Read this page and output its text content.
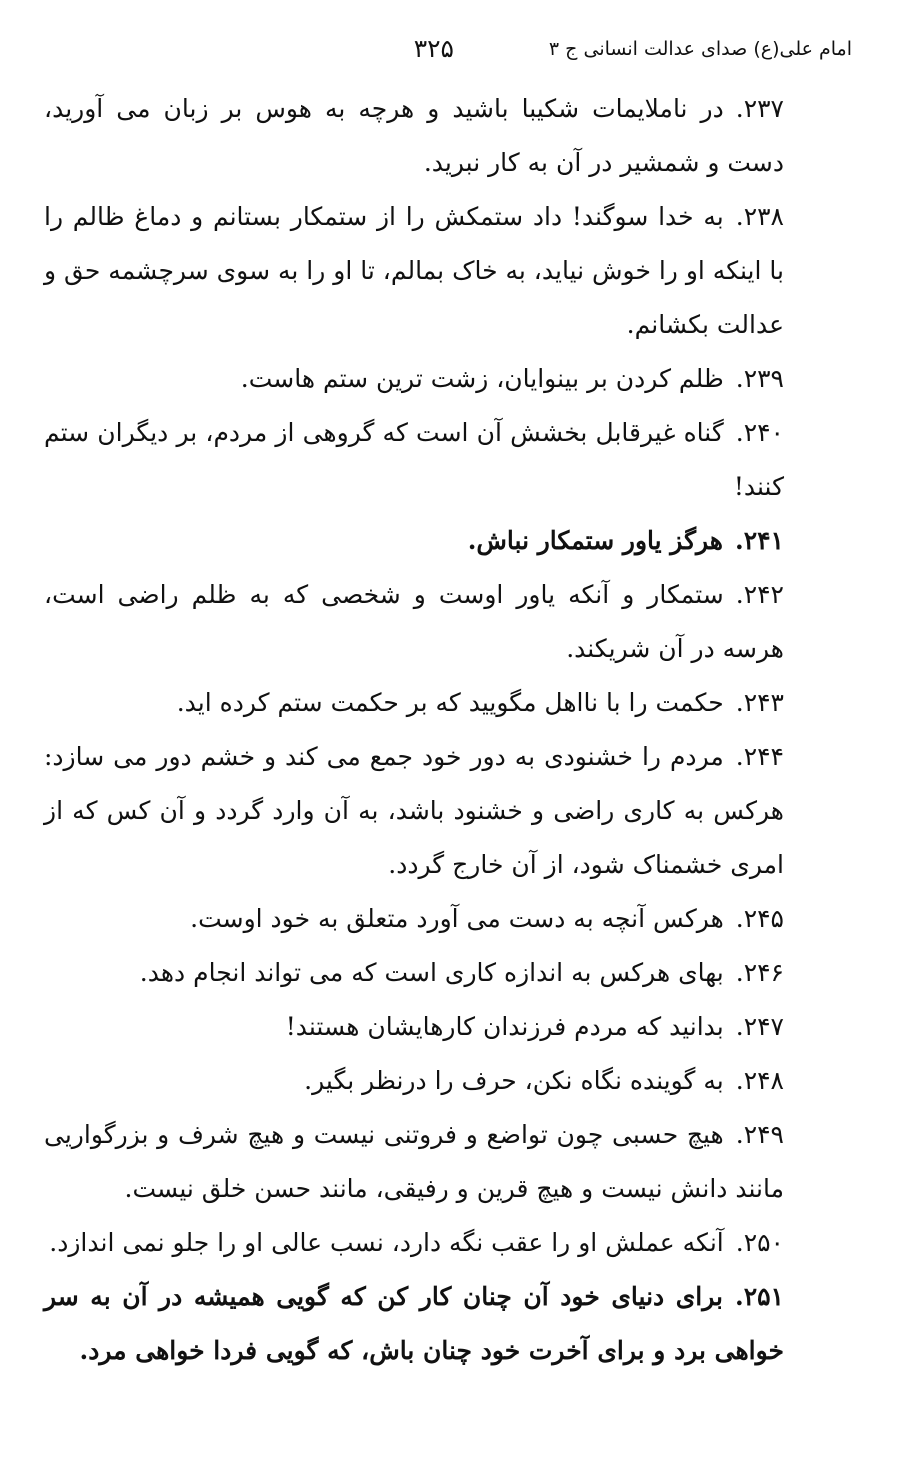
امام علی(ع) صدای عدالت انسانی ج ۳
۳۲۵

۲۳۷.در ناملایمات شکیبا باشید و هرچه به هوس بر زبان می آورید، دست و شمشیر در آن به کار نبرید.

۲۳۸.به خدا سوگند! داد ستمکش را از ستمکار بستانم و دماغ ظالم را با اینکه او را خوش نیاید، به خاک بمالم، تا او را به سوی سرچشمه حق و عدالت بکشانم.

۲۳۹.ظلم کردن بر بینوایان، زشت ترین ستم هاست.

۲۴۰.گناه غیرقابل بخشش آن است که گروهی از مردم، بر دیگران ستم کنند!

۲۴۱.هرگز یاور ستمکار نباش.

۲۴۲.ستمکار و آنکه یاور اوست و شخصی که به ظلم راضی است، هرسه در آن شریکند.

۲۴۳.حکمت را با نااهل مگویید که بر حکمت ستم کرده اید.

۲۴۴.مردم را خشنودی به دور خود جمع می کند و خشم دور می سازد: هرکس به کاری راضی و خشنود باشد، به آن وارد گردد و آن کس که از امری خشمناک شود، از آن خارج گردد.

۲۴۵.هرکس آنچه به دست می آورد متعلق به خود اوست.

۲۴۶.بهای هرکس به اندازه کاری است که می تواند انجام دهد.

۲۴۷.بدانید که مردم فرزندان کارهایشان هستند!

۲۴۸.به گوینده نگاه نکن، حرف را درنظر بگیر.

۲۴۹.هیچ حسبی چون تواضع و فروتنی نیست و هیچ شرف و بزرگواریی مانند دانش نیست و هیچ قرین و رفیقی، مانند حسن خلق نیست.

۲۵۰.آنکه عملش او را عقب نگه دارد، نسب عالی او را جلو نمی اندازد.

۲۵۱.برای دنیای خود آن چنان کار کن که گویی همیشه در آن به سر خواهی برد و برای آخرت خود چنان باش، که گویی فردا خواهی مرد.
